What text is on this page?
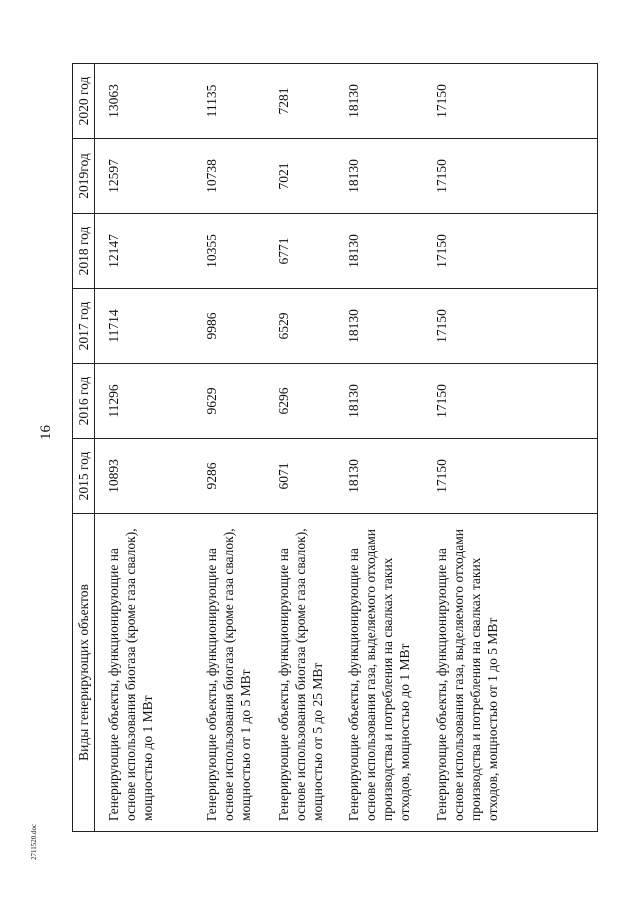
16
Виды генерирующих объектов	2015 год	2016 год	2017 год	2018 год	2019год	2020 год
Генерирующие объекты, функционирующие на основе использования биогаза (кроме газа свалок), мощностью до 1 МВт	10893	11296	11714	12147	12597	13063
Генерирующие объекты, функционирующие на основе использования биогаза (кроме газа свалок), мощностью от 1 до 5 МВт	9286	9629	9986	10355	10738	11135
Генерирующие объекты, функционирующие на основе использования биогаза (кроме газа свалок), мощностью от 5 до 25 МВт	6071	6296	6529	6771	7021	7281
Генерирующие объекты, функционирующие на основе использования газа, выделяемого отходами производства и потребления на свалках таких отходов, мощностью до 1 МВт	18130	18130	18130	18130	18130	18130
Генерирующие объекты, функционирующие на основе использования газа, выделяемого отходами производства и потребления на свалках таких отходов, мощностью от 1 до 5 МВт	17150	17150	17150	17150	17150	17150
2711520.doc
